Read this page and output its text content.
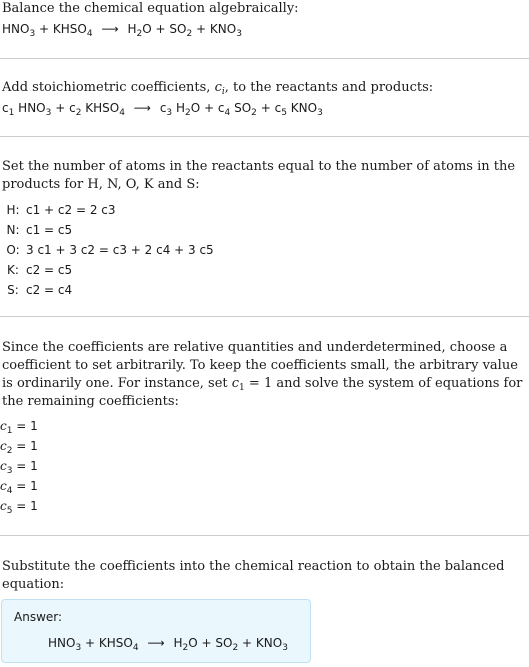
Balance the chemical equation algebraically:
$HNO_3$ + $KHSO_4$ ⟶ $H_2O + SO_2 + KNO_3$
Add stoichiometric coefficients, $c_i$, to the reactants and products:
$c_1$ $HNO_3 + c_2$ $KHSO_4$ ⟶ $c_3$ $H_2O + c_4$ $SO_2 + c_5$ $KNO_3$
Set the number of atoms in the reactants equal to the number of atoms in the products for H, N, O, K and S:
H:	c1 + c2 = 2 c3
N:	c1 = c5
O:	3 c1 + 3 c2 = c3 + 2 c4 + 3 c5
K:	c2 = c5
S:	c2 = c4
Since the coefficients are relative quantities and underdetermined, choose a coefficient to set arbitrarily. To keep the coefficients small, the arbitrary value is ordinarily one. For instance, set $c_1 = 1$ and solve the system of equations for the remaining coefficients:
$c_1 = 1$
$c_2 = 1$
$c_3 = 1$
$c_4 = 1$
$c_5 = 1$
Substitute the coefficients into the chemical reaction to obtain the balanced equation:
Answer:
$HNO_3$ + $KHSO_4$ ⟶ $H_2O + SO_2 + KNO_3$
